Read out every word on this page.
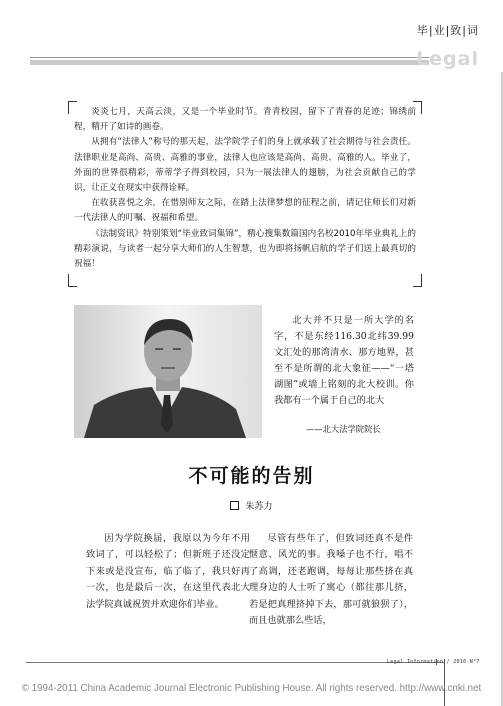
毕|业|致|词
Legal

炎炎七月，天高云淡，又是一个毕业时节。青青校园，留下了青春的足迹；锦绣前程，精开了如诗的画卷。

从拥有“法律人”称号的那天起，法学院学子们的身上就承载了社会期待与社会责任。法律职业是高尚、高贵、高雅的事业，法律人也应该是高尚、高贵、高雅的人。毕业了，外面的世界很精彩，蒂蒂学子得到校园，只为一展法律人的翅膀，为社会贡献自己的学识，让正义在现实中获得诠释。

在收获喜悦之余，在惜别师友之际，在踏上法律梦想的征程之前，请记住师长们对新一代法律人的叮嘱、祝福和希望。

《法制资讯》特别策划“毕业致词集锦”，精心搜集数篇国内名校2010年毕业典礼上的精彩演说，与读者一起分享大师们的人生智慧，也为即将扬帆启航的学子们送上最真切的祝福！

北大并不只是一所大学的名字，不是东经116.30北纬39.99文汇处的那湾清水、那方地界，甚至不是所谓的北大象征——“一塔湖图”或墙上铭刻的北大校训。你我都有一个属于自己的北大
——北大法学院院长
不可能的告别
朱苏力

因为学院换届，我原以为今年不用致词了，可以轻松了；但新班子还没定下来或是没宣布，临了临了，我只好再一次，也是最后一次，在这里代表北大法学院真诚祝贺并欢迎你们毕业。

尽管有些年了，但致词还真不是件惬意、风光的事。我嗓子也不行，唱不了高调，还老跑调，每每让那些挤在真理身边的人士听了寓心（都往那儿挤，若是把真理挤掉下去，那可就狼狈了），而且也就那么些话，

Legal Information / 2010.N°7
© 1994-2011 China Academic Journal Electronic Publishing House. All rights reserved. http://www.cnki.net
